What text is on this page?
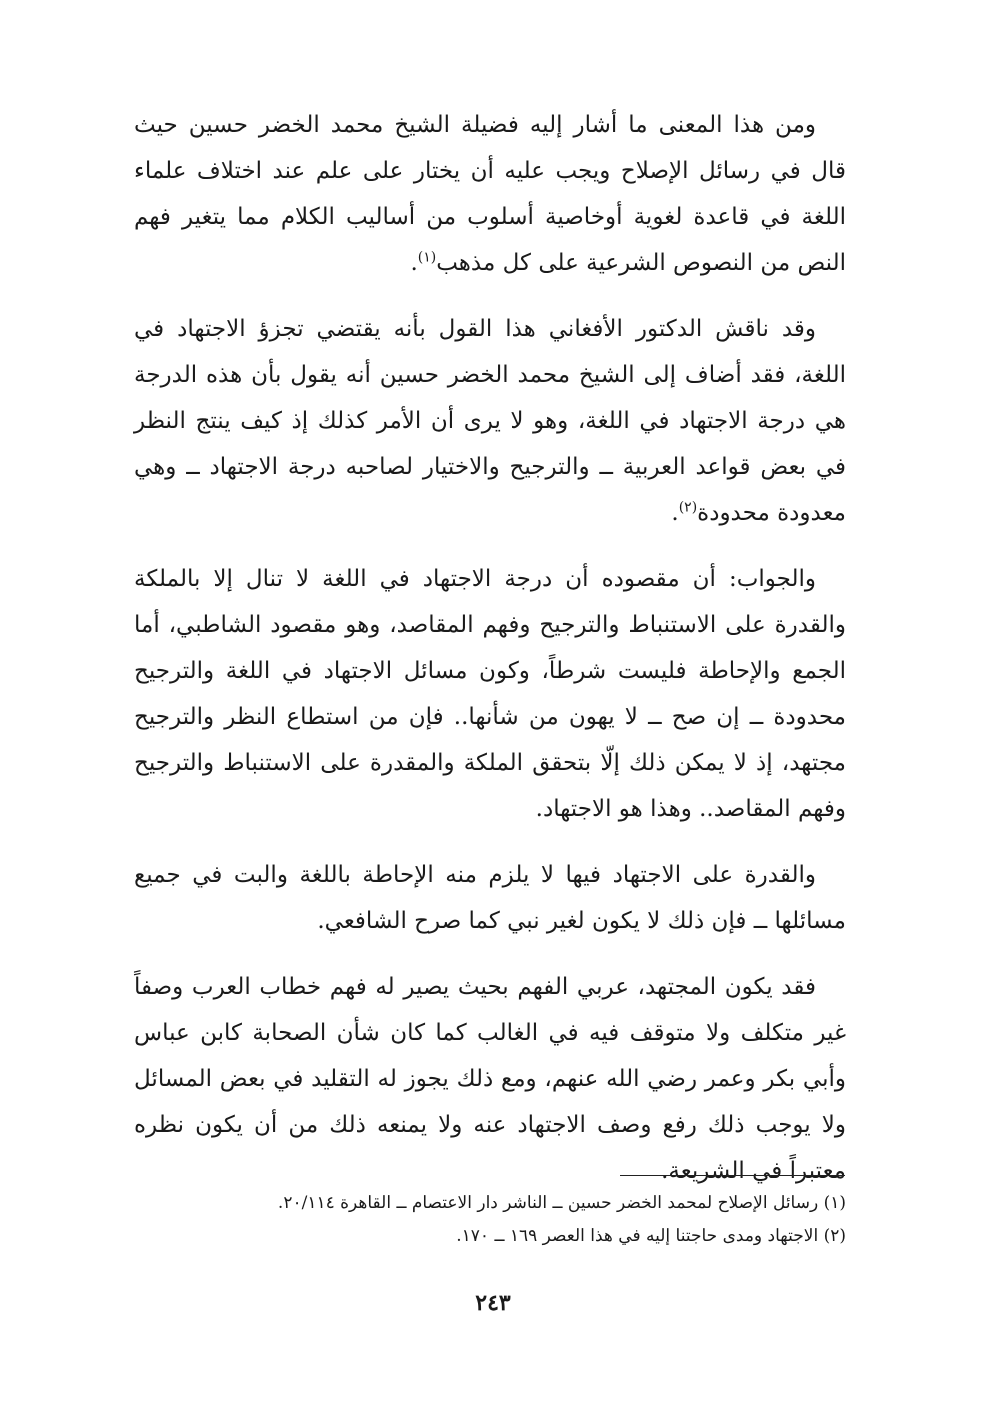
ومن هذا المعنى ما أشار إليه فضيلة الشيخ محمد الخضر حسين حيث قال في رسائل الإصلاح ويجب عليه أن يختار على علم عند اختلاف علماء اللغة في قاعدة لغوية أوخاصية أسلوب من أساليب الكلام مما يتغير فهم النص من النصوص الشرعية على كل مذهب$^{(١)}$.

وقد ناقش الدكتور الأفغاني هذا القول بأنه يقتضي تجزؤ الاجتهاد في اللغة، فقد أضاف إلى الشيخ محمد الخضر حسين أنه يقول بأن هذه الدرجة هي درجة الاجتهاد في اللغة، وهو لا يرى أن الأمر كذلك إذ كيف ينتج النظر في بعض قواعد العربية ــ والترجيح والاختيار لصاحبه درجة الاجتهاد ــ وهي معدودة محدودة$^{(٢)}$.

والجواب: أن مقصوده أن درجة الاجتهاد في اللغة لا تنال إلا بالملكة والقدرة على الاستنباط والترجيح وفهم المقاصد، وهو مقصود الشاطبي، أما الجمع والإحاطة فليست شرطاً، وكون مسائل الاجتهاد في اللغة والترجيح محدودة ــ إن صح ــ لا يهون من شأنها.. فإن من استطاع النظر والترجيح مجتهد، إذ لا يمكن ذلك إلّا بتحقق الملكة والمقدرة على الاستنباط والترجيح وفهم المقاصد.. وهذا هو الاجتهاد.

والقدرة على الاجتهاد فيها لا يلزم منه الإحاطة باللغة والبت في جميع مسائلها ــ فإن ذلك لا يكون لغير نبي كما صرح الشافعي.

فقد يكون المجتهد، عربي الفهم بحيث يصير له فهم خطاب العرب وصفاً غير متكلف ولا متوقف فيه في الغالب كما كان شأن الصحابة كابن عباس وأبي بكر وعمر رضي الله عنهم، ومع ذلك يجوز له التقليد في بعض المسائل ولا يوجب ذلك رفع وصف الاجتهاد عنه ولا يمنعه ذلك من أن يكون نظره معتبراً في الشريعة.

(١) رسائل الإصلاح لمحمد الخضر حسين ــ الناشر دار الاعتصام ــ القاهرة ٢٠/١١٤.

(٢) الاجتهاد ومدى حاجتنا إليه في هذا العصر ١٦٩ ــ ١٧٠.

٢٤٣
